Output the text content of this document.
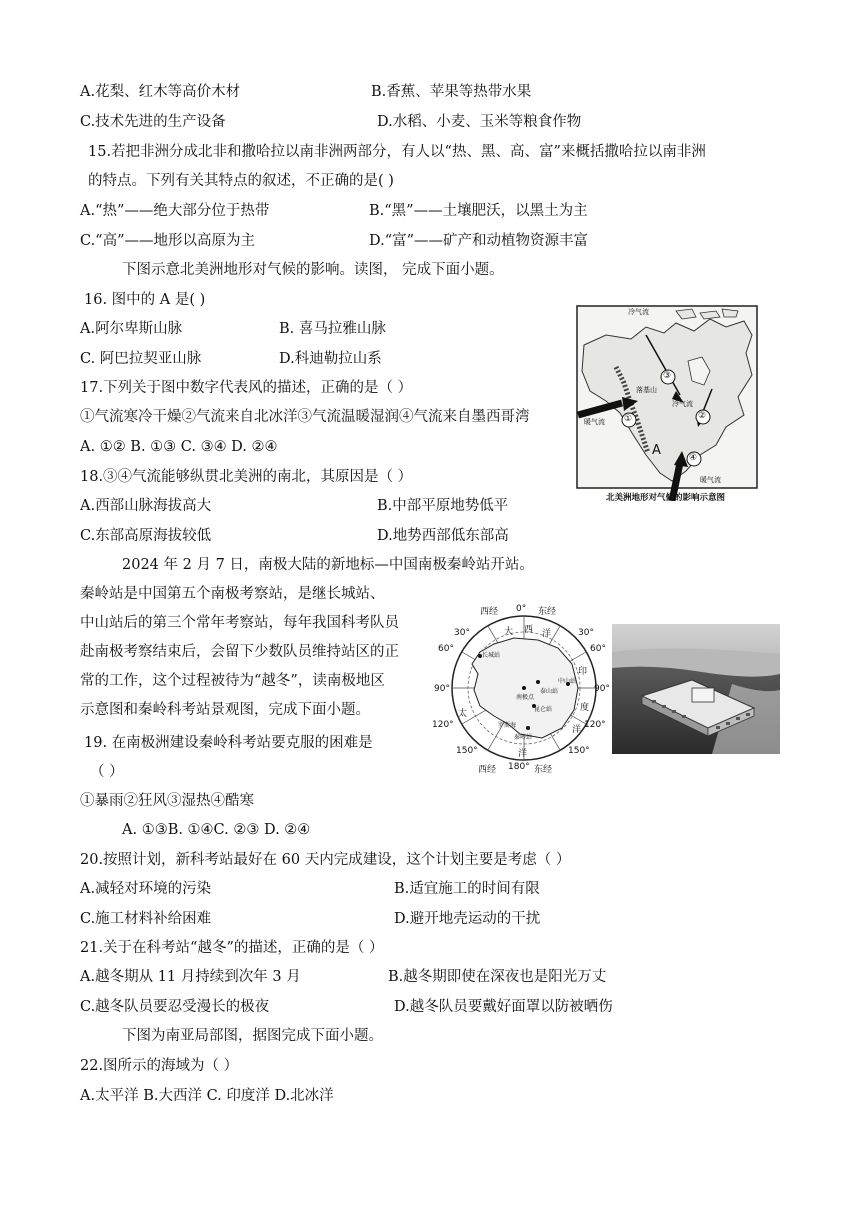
A.花梨、红木等高价木材	B.香蕉、苹果等热带水果
C.技术先进的生产设备	D.水稻、小麦、玉米等粮食作物
15.若把非洲分成北非和撒哈拉以南非洲两部分，有人以“热、黑、高、富”来概括撒哈拉以南非洲
的特点。下列有关其特点的叙述，不正确的是( )
A.“热”——绝大部分位于热带	B.“黑”——土壤肥沃，以黑土为主
C.“高”——地形以高原为主	D.“富”——矿产和动植物资源丰富
下图示意北美洲地形对气候的影响。读图， 完成下面小题。
16. 图中的 A 是( )
A.阿尔卑斯山脉	B. 喜马拉雅山脉
C. 阿巴拉契亚山脉	D.科迪勒拉山系
17.下列关于图中数字代表风的描述，正确的是（ ）
①气流寒冷干燥②气流来自北冰洋③气流温暖湿润④气流来自墨西哥湾
A. ①② B. ①③ C. ③④ D. ②④
18.③④气流能够纵贯北美洲的南北，其原因是（ ）
A.西部山脉海拔高大	B.中部平原地势低平
C.东部高原海拔较低	D.地势西部低东部高
2024 年 2 月 7 日，南极大陆的新地标—中国南极秦岭站开站。
秦岭站是中国第五个南极考察站，是继长城站、
中山站后的第三个常年考察站，每年我国科考队员
赴南极考察结束后，会留下少数队员维持站区的正
常的工作，这个过程被待为“越冬”，读南极地区
示意图和秦岭科考站景观图，完成下面小题。
19. 在南极洲建设秦岭科考站要克服的困难是
（ ）
①暴雨②狂风③湿热④酷寒
A. ①③B. ①④C. ②③ D. ②④
20.按照计划，新科考站最好在 60 天内完成建设，这个计划主要是考虑（ ）
A.减轻对环境的污染	B.适宜施工的时间有限
C.施工材料补给困难	D.避开地壳运动的干扰
21.关于在科考站“越冬”的描述，正确的是（ ）
A.越冬期从 11 月持续到次年 3 月	B.越冬期即使在深夜也是阳光万丈
C.越冬队员要忍受漫长的极夜	D.越冬队员要戴好面罩以防被晒伤
下图为南亚局部图，据图完成下面小题。
22.图所示的海域为（ ）
A.太平洋 B.大西洋 C. 印度洋 D.北冰洋
冷气流
冷气流
暖气流
暖气流
落基山
A
①	②
③
④
北美洲地形对气候的影响示意图
西经 0° 东经
30°	30°
60°	60°
90°	90°
120°	120°
150°	150°
西经 180° 东经
大 西 洋
印
度
洋
太
洋
长城站
中山站
泰山站
昆仑站
秦岭站
罗斯海
南极点
